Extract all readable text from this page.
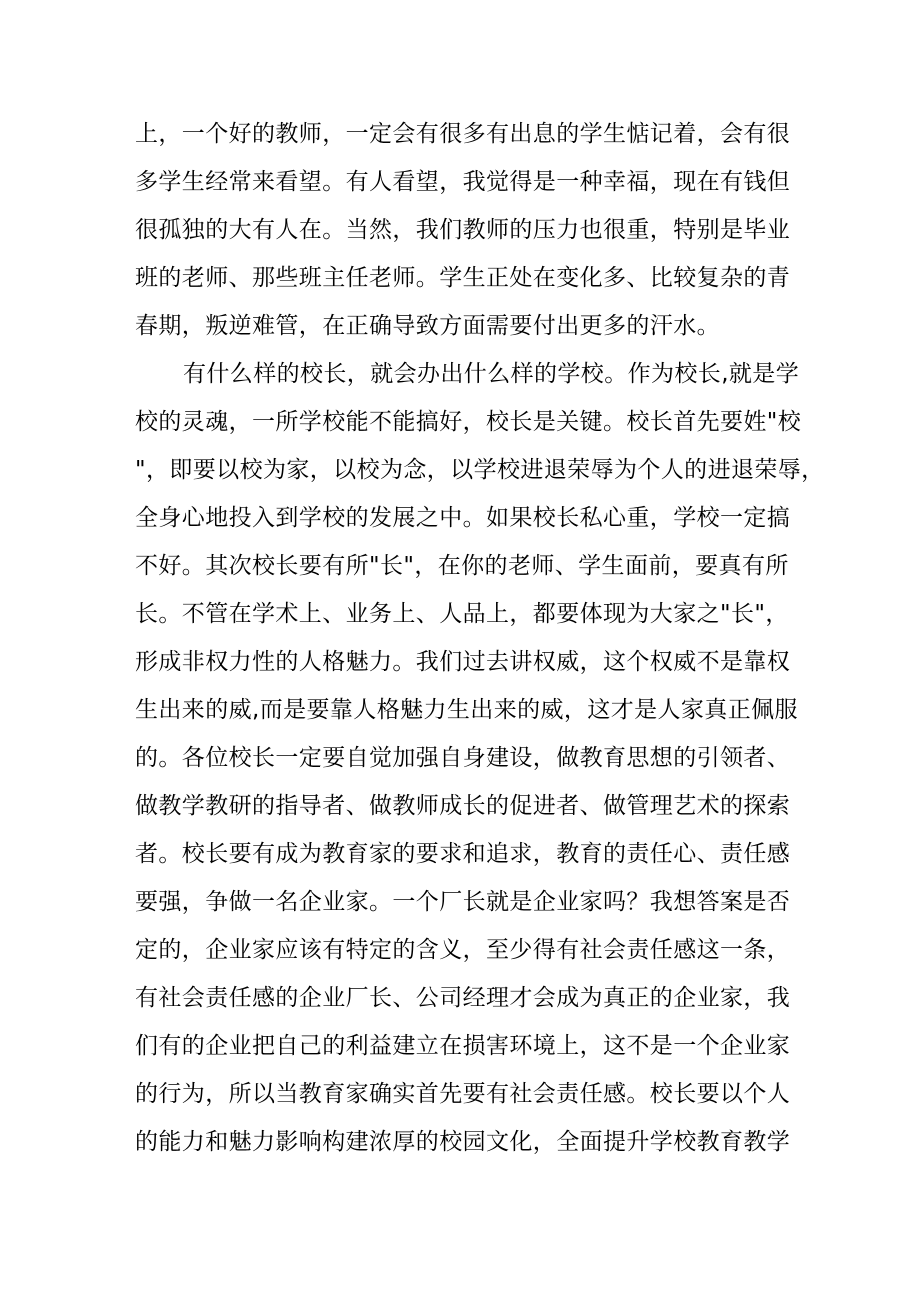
上，一个好的教师，一定会有很多有出息的学生惦记着，会有很
多学生经常来看望。有人看望，我觉得是一种幸福，现在有钱但
很孤独的大有人在。当然，我们教师的压力也很重，特别是毕业
班的老师、那些班主任老师。学生正处在变化多、比较复杂的青
春期，叛逆难管，在正确导致方面需要付出更多的汗水。
有什么样的校长，就会办出什么样的学校。作为校长,就是学
校的灵魂，一所学校能不能搞好，校长是关键。校长首先要姓"校
"，即要以校为家，以校为念，以学校进退荣辱为个人的进退荣辱，
全身心地投入到学校的发展之中。如果校长私心重，学校一定搞
不好。其次校长要有所"长"，在你的老师、学生面前，要真有所
长。不管在学术上、业务上、人品上，都要体现为大家之"长"，
形成非权力性的人格魅力。我们过去讲权威，这个权威不是靠权
生出来的威,而是要靠人格魅力生出来的威，这才是人家真正佩服
的。各位校长一定要自觉加强自身建设，做教育思想的引领者、
做教学教研的指导者、做教师成长的促进者、做管理艺术的探索
者。校长要有成为教育家的要求和追求，教育的责任心、责任感
要强，争做一名企业家。一个厂长就是企业家吗？我想答案是否
定的，企业家应该有特定的含义，至少得有社会责任感这一条，
有社会责任感的企业厂长、公司经理才会成为真正的企业家，我
们有的企业把自己的利益建立在损害环境上，这不是一个企业家
的行为，所以当教育家确实首先要有社会责任感。校长要以个人
的能力和魅力影响构建浓厚的校园文化，全面提升学校教育教学
